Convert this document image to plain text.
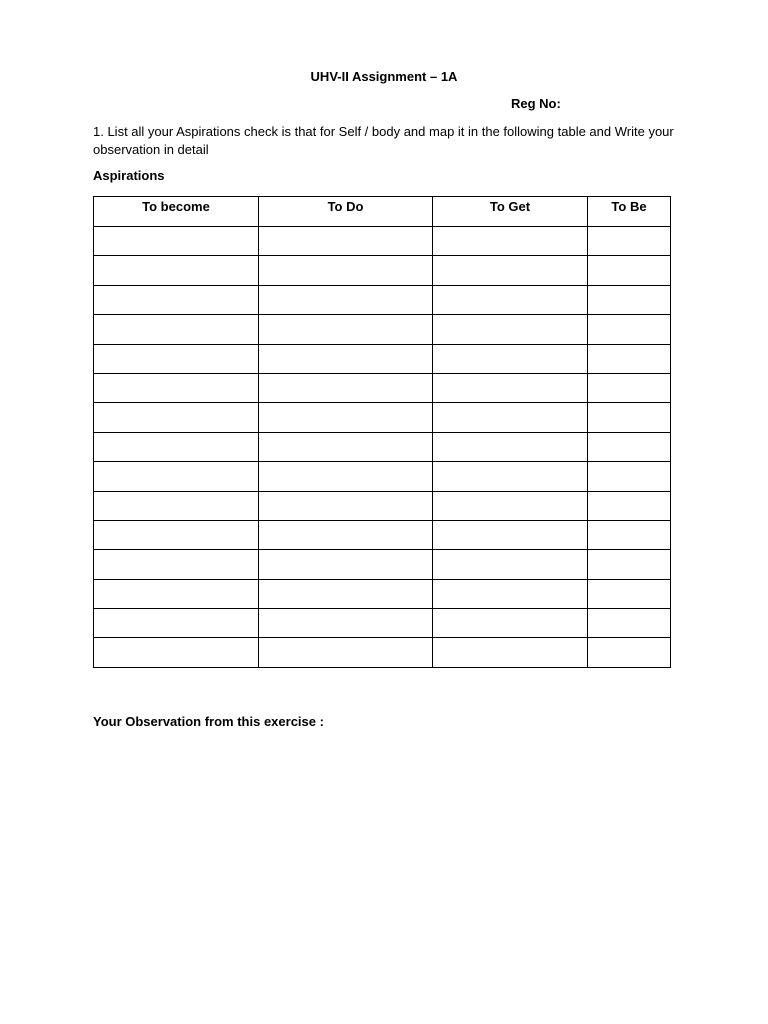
UHV-II Assignment – 1A
Reg No:
1. List all your Aspirations check is that for Self / body and map it in the following table and Write your observation in detail
Aspirations
To become	To Do	To Get	To Be

Your Observation from this exercise :
